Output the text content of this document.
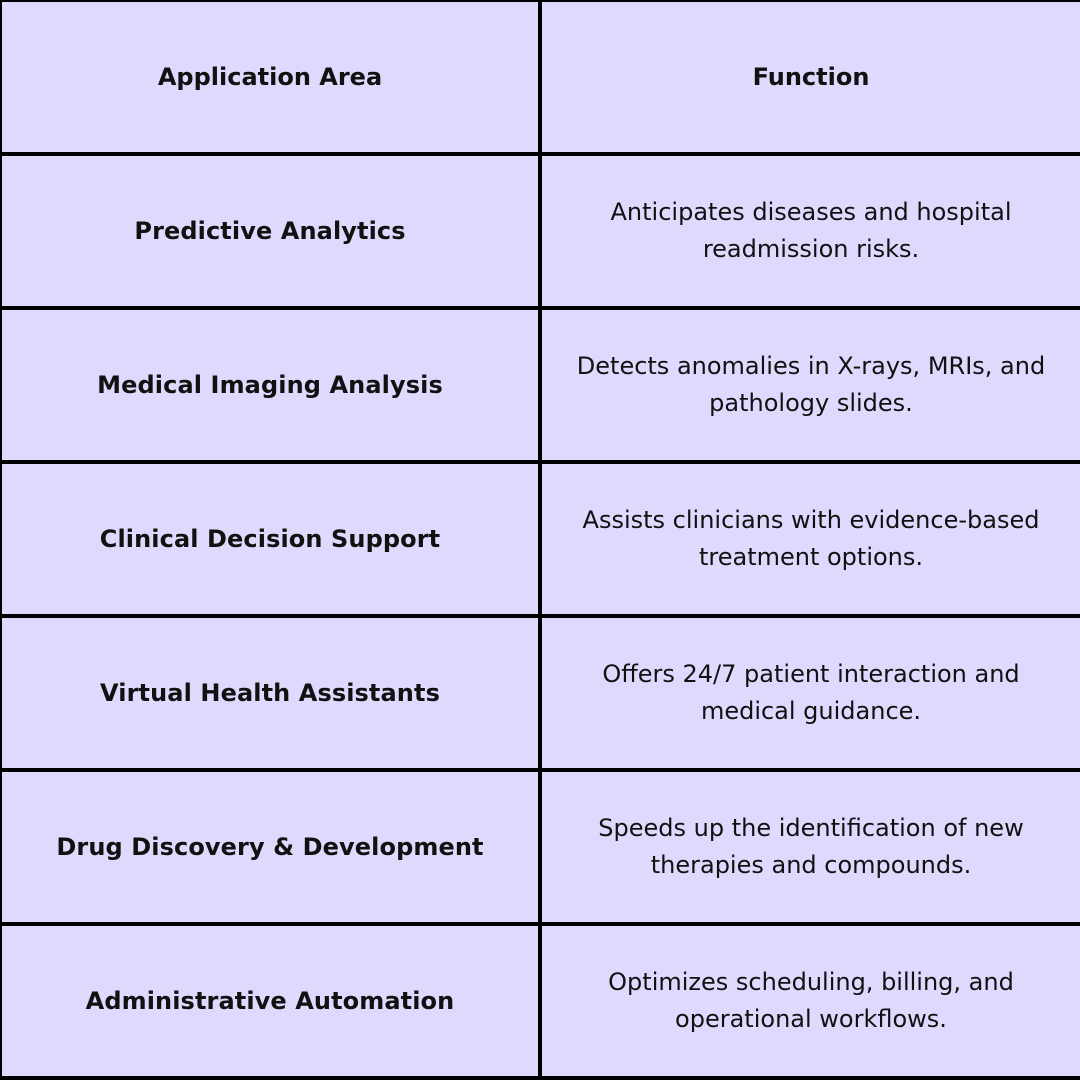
Application Area	Function
Predictive Analytics
Anticipates diseases and hospital
readmission risks.
Medical Imaging Analysis
Detects anomalies in X-rays, MRIs, and
pathology slides.
Clinical Decision Support
Assists clinicians with evidence-based
treatment options.
Virtual Health Assistants
Offers 24/7 patient interaction and
medical guidance.
Drug Discovery & Development
Speeds up the identification of new
therapies and compounds.
Administrative Automation
Optimizes scheduling, billing, and
operational workflows.
